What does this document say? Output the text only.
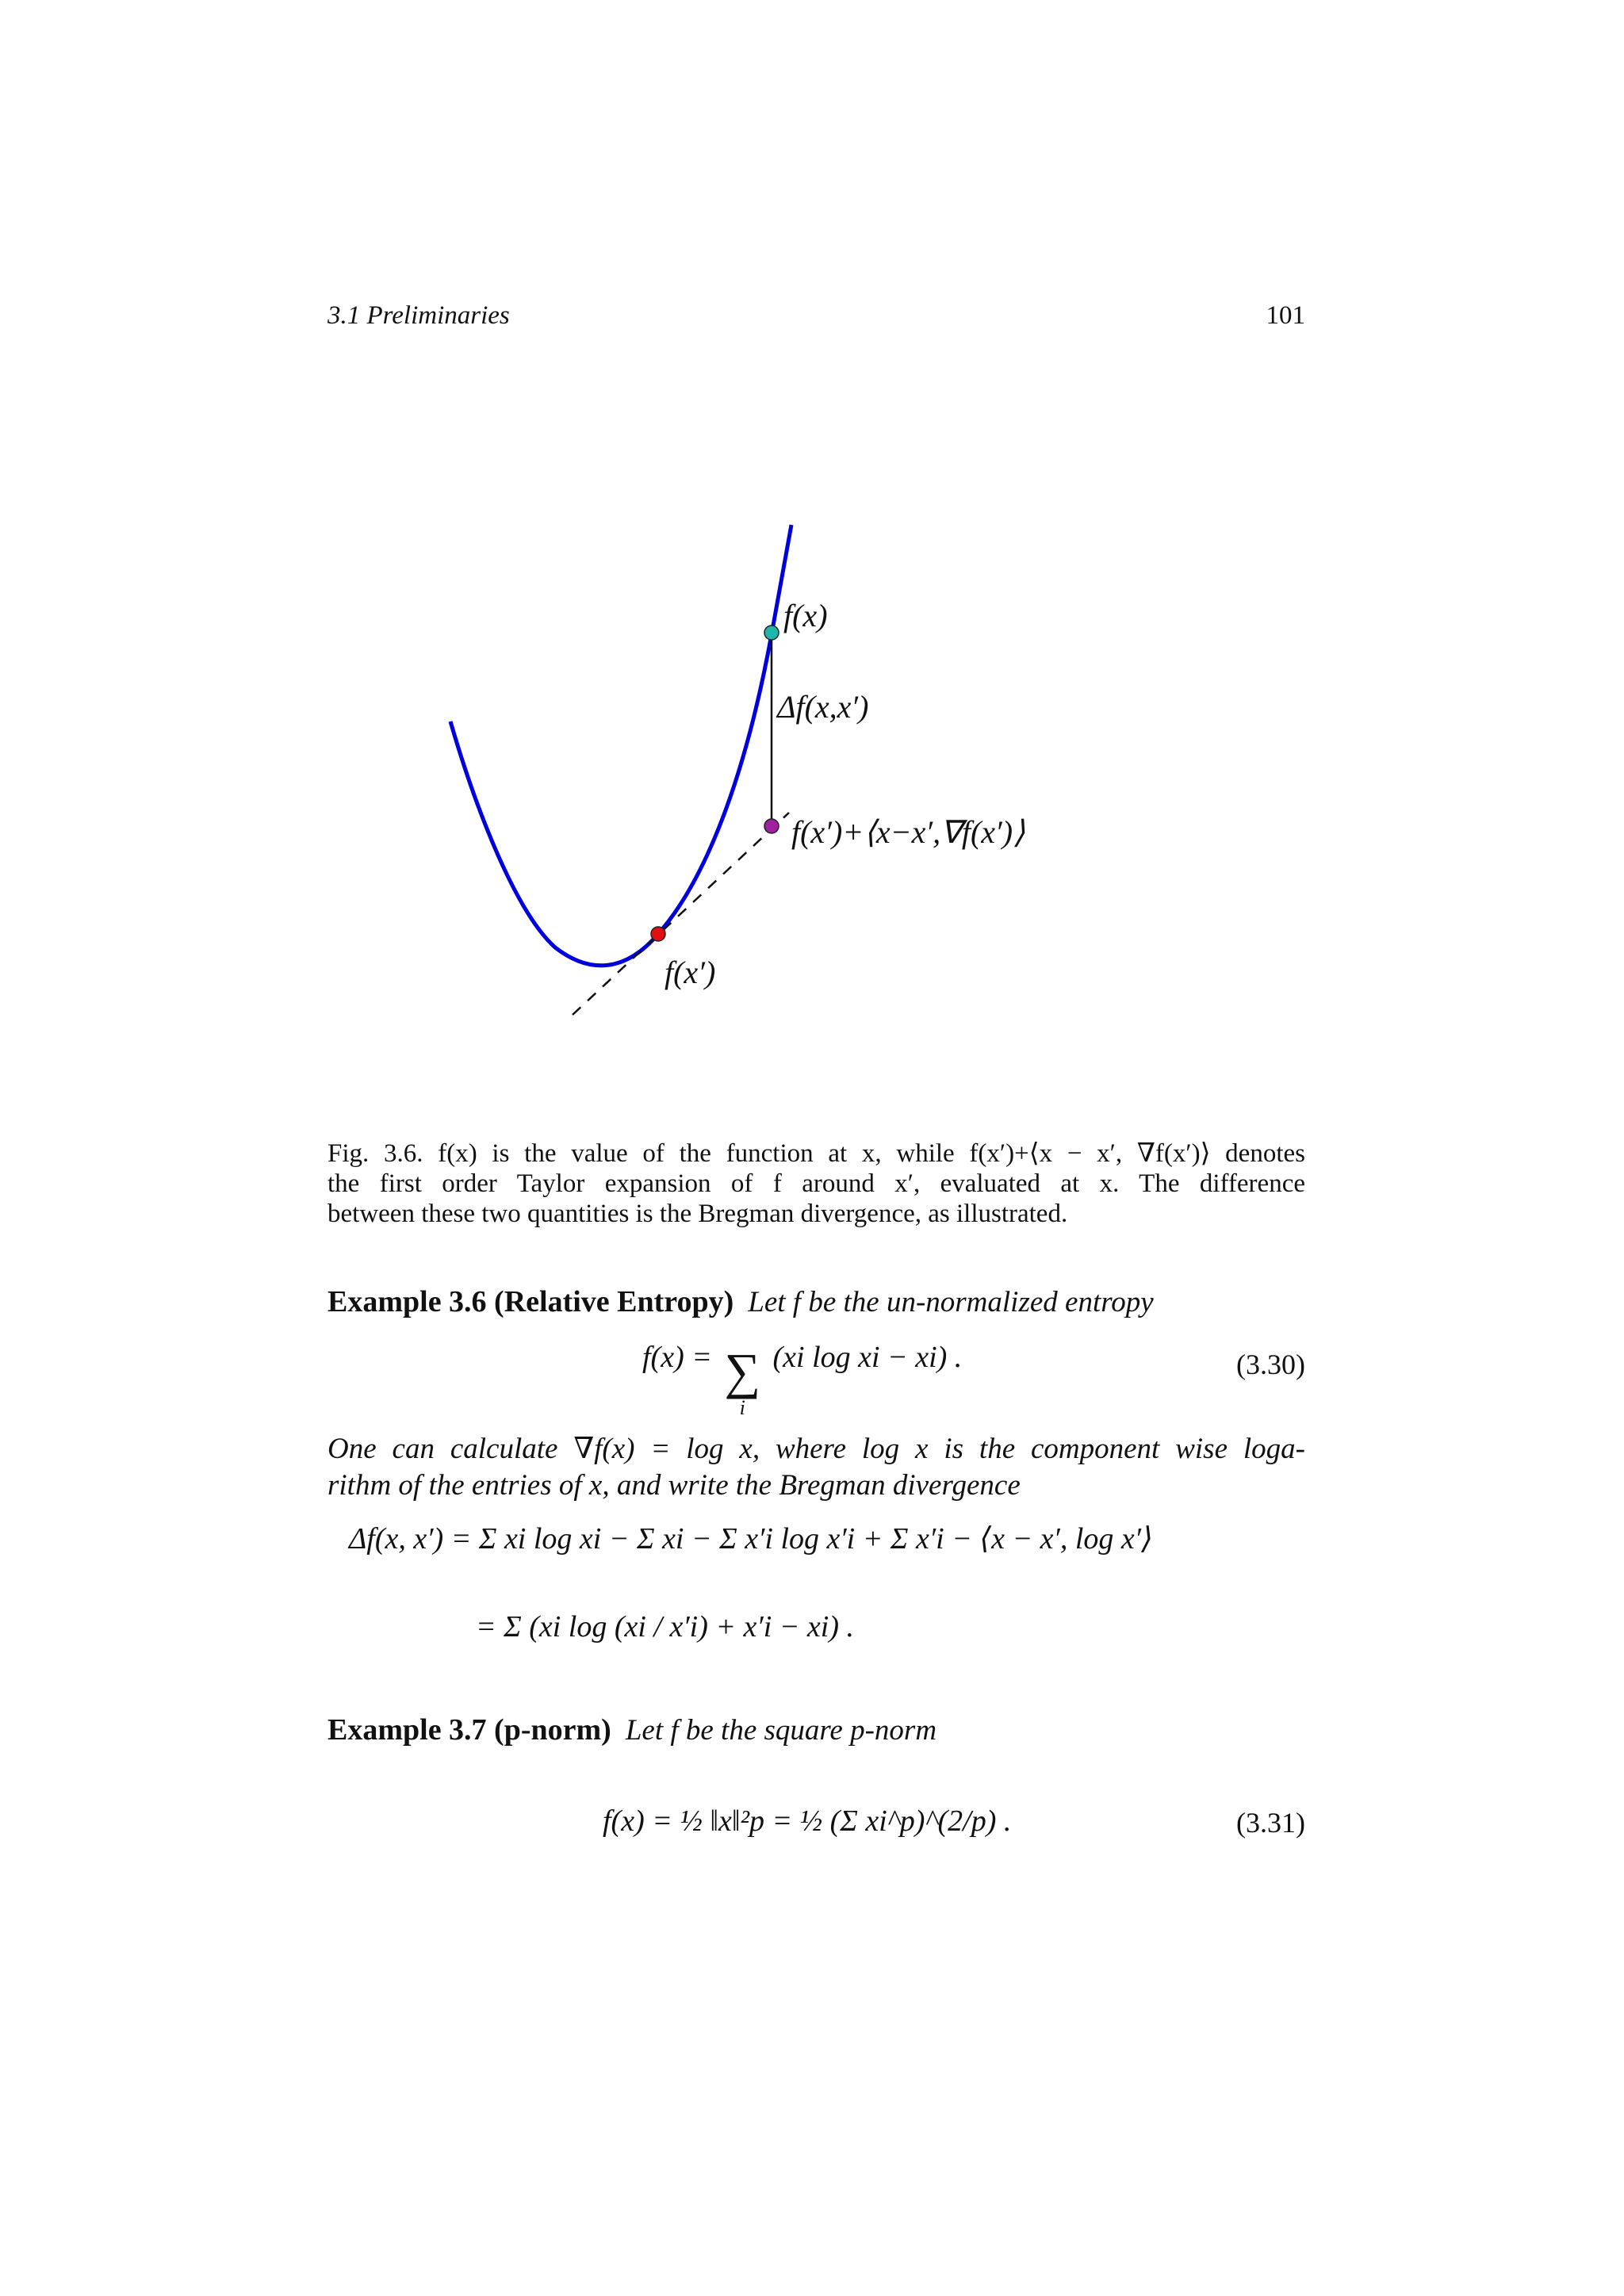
3.1 Preliminaries	101
f(x)
Δf(x,x′)
f(x′)+⟨x−x′,∇f(x′)⟩
f(x′)
Fig. 3.6. f(x) is the value of the function at x, while f(x′)+⟨x − x′, ∇f(x′)⟩ denotes
the first order Taylor expansion of f around x′, evaluated at x. The difference
between these two quantities is the Bregman divergence, as illustrated.
Example 3.6 (Relative Entropy) Let f be the un-normalized entropy
f(x) = ∑
i (xi log xi − xi) .	(3.30)
One can calculate ∇f(x) = log x, where log x is the component wise loga-
rithm of the entries of x, and write the Bregman divergence
Δf(x, x′) = Σ xi log xi − Σ xi − Σ x′i log x′i + Σ x′i − ⟨x − x′, log x′⟩
= Σ (xi log (xi / x′i) + x′i − xi) .
Example 3.7 (p-norm) Let f be the square p-norm
f(x) = ½ ‖x‖²p = ½ (Σ xi^p)^(2/p) .	(3.31)
